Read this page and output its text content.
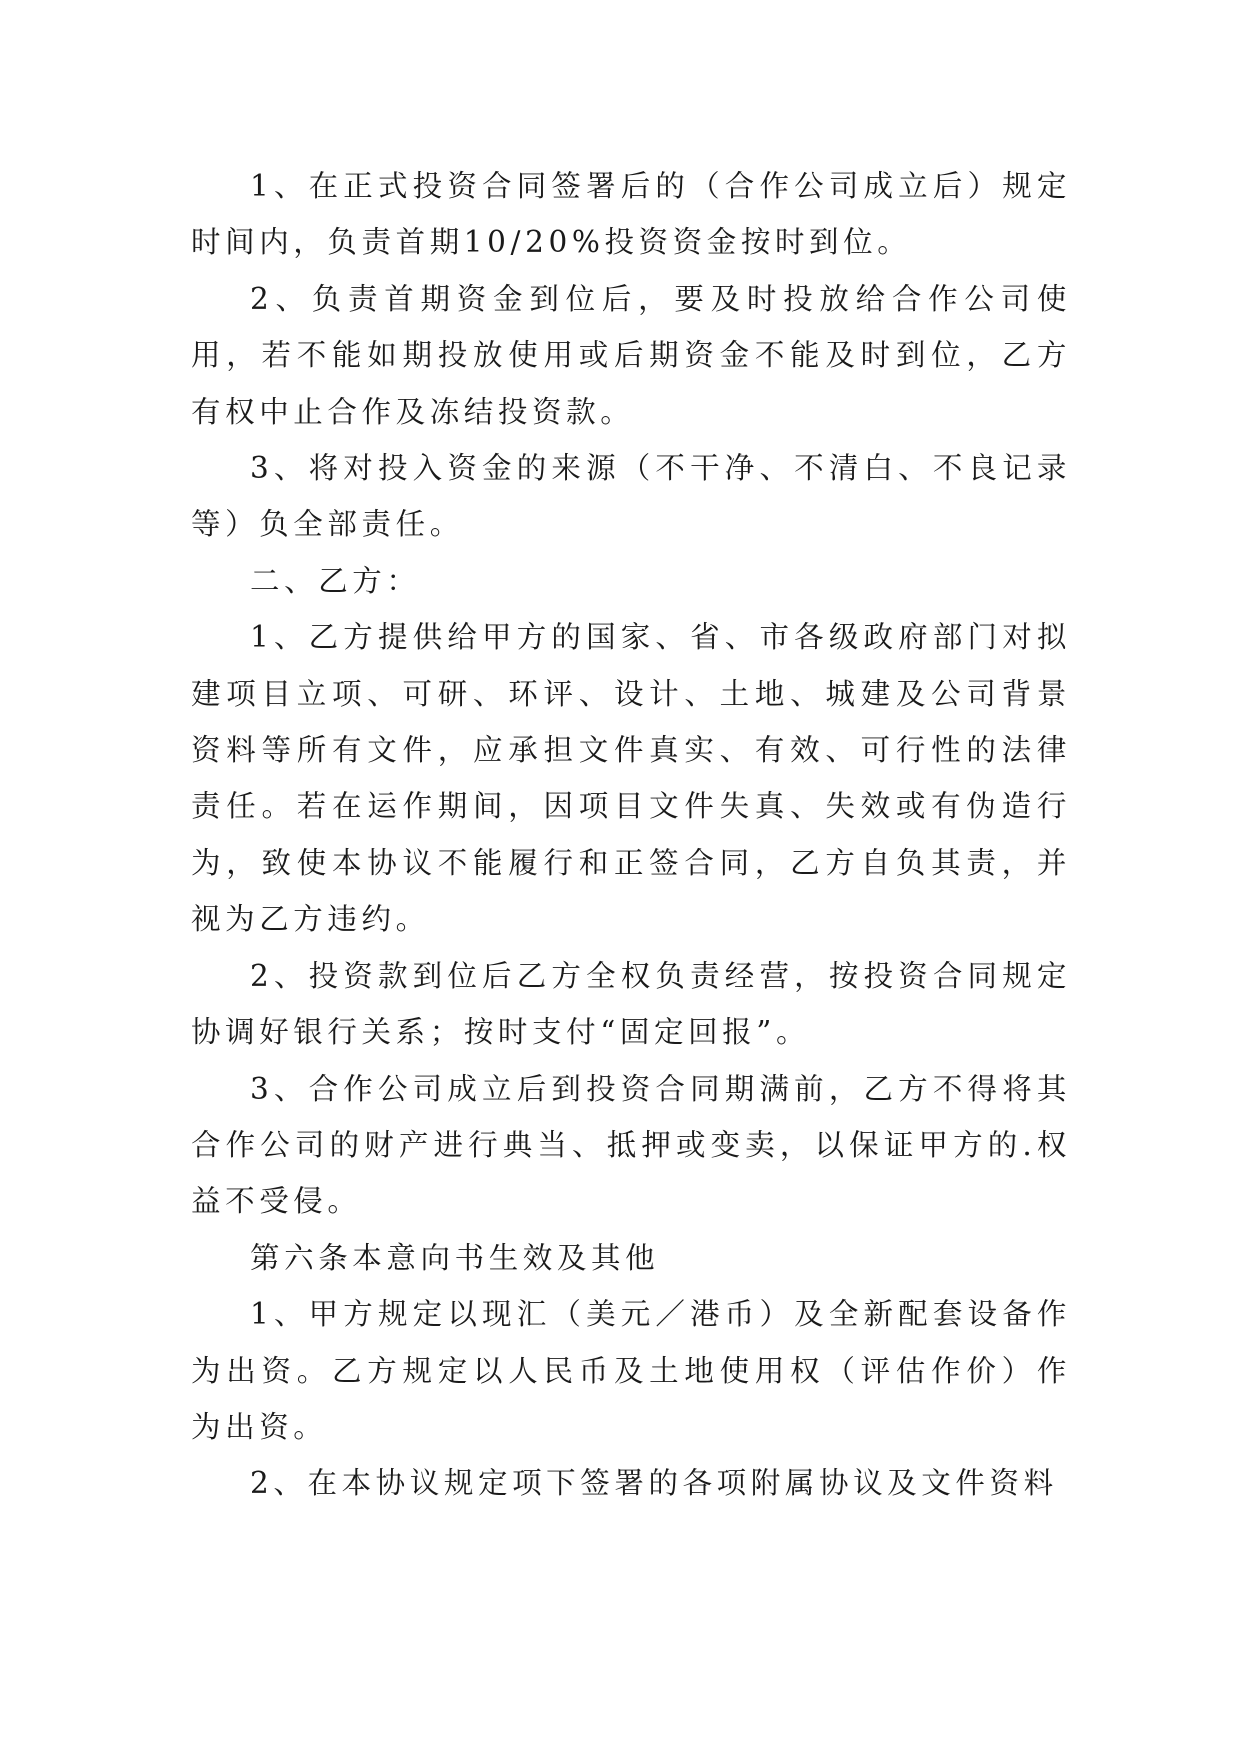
1、在正式投资合同签署后的（合作公司成立后）规定时间内，负责首期10/20%投资资金按时到位。

2、负责首期资金到位后，要及时投放给合作公司使用，若不能如期投放使用或后期资金不能及时到位，乙方有权中止合作及冻结投资款。

3、将对投入资金的来源（不干净、不清白、不良记录等）负全部责任。

二、乙方：

1、乙方提供给甲方的国家、省、市各级政府部门对拟建项目立项、可研、环评、设计、土地、城建及公司背景资料等所有文件，应承担文件真实、有效、可行性的法律责任。若在运作期间，因项目文件失真、失效或有伪造行为，致使本协议不能履行和正签合同，乙方自负其责，并视为乙方违约。

2、投资款到位后乙方全权负责经营，按投资合同规定协调好银行关系；按时支付“固定回报”。

3、合作公司成立后到投资合同期满前，乙方不得将其合作公司的财产进行典当、抵押或变卖，以保证甲方的.权益不受侵。

第六条本意向书生效及其他

1、甲方规定以现汇（美元／港币）及全新配套设备作为出资。乙方规定以人民币及土地使用权（评估作价）作为出资。

2、在本协议规定项下签署的各项附属协议及文件资料
